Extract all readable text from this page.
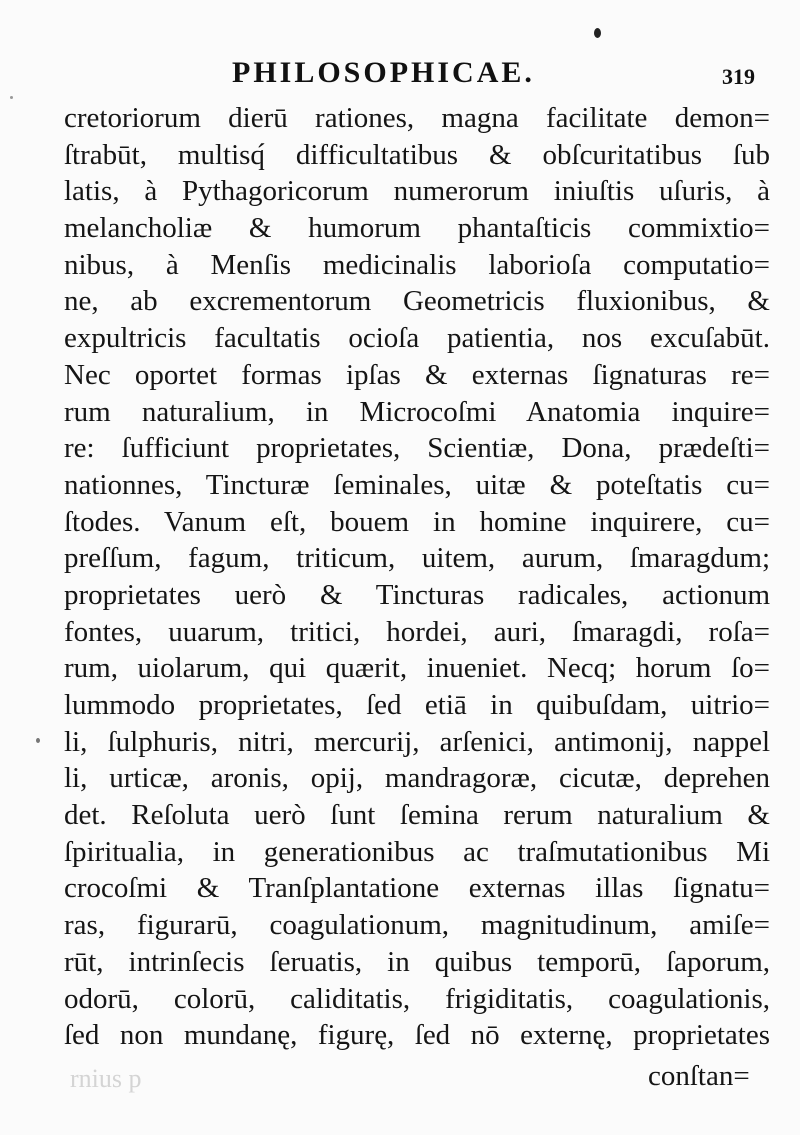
PHILOSOPHICAE.	319
cretoriorum dierū rationes, magna facilitate demon=
ſtrabūt, multisq́ difficultatibus & obſcuritatibus ſub
latis, à Pythagoricorum numerorum iniuſtis uſuris, à
melancholiæ & humorum phantaſticis commixtio=
nibus, à Menſis medicinalis laborioſa computatio=
ne, ab excrementorum Geometricis fluxionibus, &
expultricis facultatis ocioſa patientia, nos excuſabūt.
Nec oportet formas ipſas & externas ſignaturas re=
rum naturalium, in Microcoſmi Anatomia inquire=
re: ſufficiunt proprietates, Scientiæ, Dona, prædeſti=
nationnes, Tincturæ ſeminales, uitæ & poteſtatis cu=
ſtodes. Vanum eſt, bouem in homine inquirere, cu=
preſſum, fagum, triticum, uitem, aurum, ſmaragdum;
proprietates uerò & Tincturas radicales, actionum
fontes, uuarum, tritici, hordei, auri, ſmaragdi, roſa=
rum, uiolarum, qui quærit, inueniet. Necq; horum ſo=
lummodo proprietates, ſed etiā in quibuſdam, uitrio=
li, ſulphuris, nitri, mercurij, arſenici, antimonij, nappel
li, urticæ, aronis, opij, mandragoræ, cicutæ, deprehen
det. Reſoluta uerò ſunt ſemina rerum naturalium &
ſpiritualia, in generationibus ac traſmutationibus Mi
crocoſmi & Tranſplantatione externas illas ſignatu=
ras, figurarū, coagulationum, magnitudinum, amiſe=
rūt, intrinſecis ſeruatis, in quibus temporū, ſaporum,
odorū, colorū, caliditatis, frigiditatis, coagulationis,
ſed non mundanę, figurę, ſed nō externę, proprietates
rnius p	conſtan=
